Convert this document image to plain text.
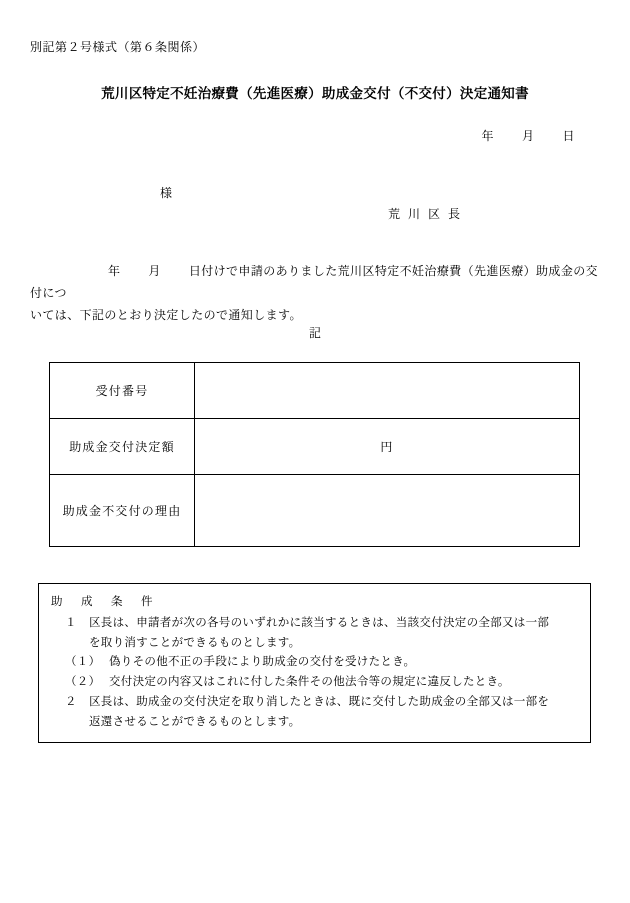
別記第２号様式（第６条関係）
荒川区特定不妊治療費（先進医療）助成金交付（不交付）決定通知書
年 月 日
様
荒 川 区 長
年 月 日付けで申請のありました荒川区特定不妊治療費（先進医療）助成金の交付につ
いては、下記のとおり決定したので通知します。
記
受付番号	
助成金交付決定額	円
助成金不交付の理由	
助　成　条　件
１ 区長は、申請者が次の各号のいずれかに該当するときは、当該交付決定の全部又は一部
を取り消すことができるものとします。
（１） 偽りその他不正の手段により助成金の交付を受けたとき。
（２） 交付決定の内容又はこれに付した条件その他法令等の規定に違反したとき。
２ 区長は、助成金の交付決定を取り消したときは、既に交付した助成金の全部又は一部を
返還させることができるものとします。
